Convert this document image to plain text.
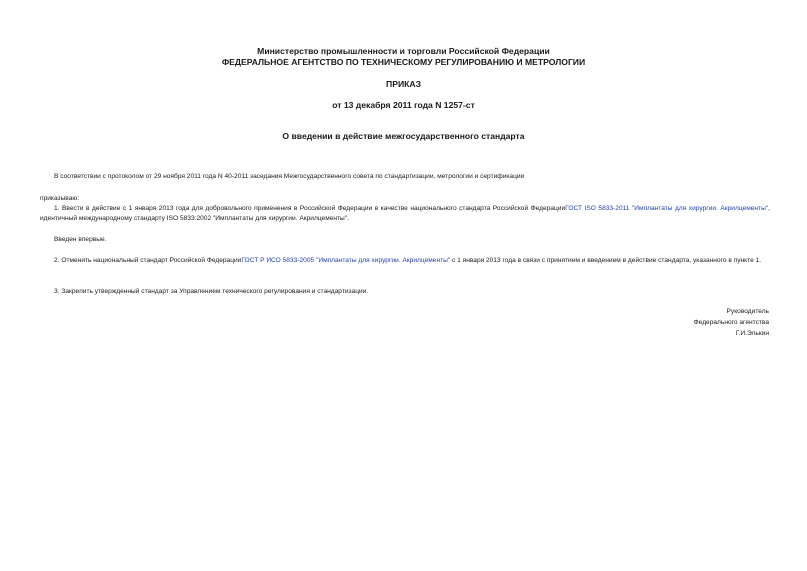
Министерство промышленности и торговли Российской Федерации
ФЕДЕРАЛЬНОЕ АГЕНТСТВО ПО ТЕХНИЧЕСКОМУ РЕГУЛИРОВАНИЮ И МЕТРОЛОГИИ
ПРИКАЗ
от 13 декабря 2011 года N 1257-ст
О введении в действие межгосударственного стандарта
В соответствии с протоколом от 29 ноября 2011 года N 40-2011 заседания Межгосударственного совета по стандартизации, метрологии и сертификации
приказываю:
1. Ввести в действие с 1 января 2013 года для добровольного применения в Российской Федерации в качестве национального стандарта Российской ФедерацииГОСТ ISO 5833-2011 "Имплантаты для хирургии. Акрилцементы", идентичный международному стандарту ISO 5833:2002 "Имплантаты для хирургии. Акрилцементы".
Введен впервые.
2. Отменить национальный стандарт Российской ФедерацииГОСТ Р ИСО 5833-2005 "Имплантаты для хирургии. Акрилцементы" с 1 января 2013 года в связи с принятием и введением в действие стандарта, указанного в пункте 1.
3. Закрепить утвержденный стандарт за Управлением технического регулирования и стандартизации.
Руководитель
Федерального агентства
Г.И.Элькин
